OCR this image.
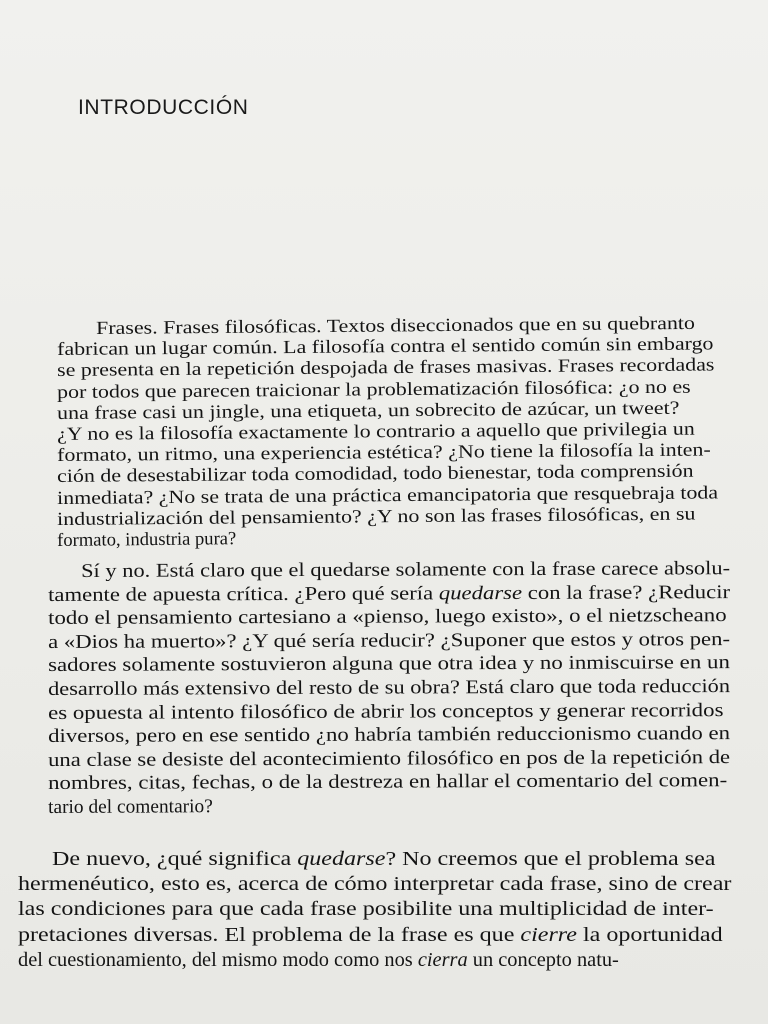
INTRODUCCIÓN
Frases. Frases filosóficas. Textos diseccionados que en su quebranto
fabrican un lugar común. La filosofía contra el sentido común sin embargo
se presenta en la repetición despojada de frases masivas. Frases recordadas
por todos que parecen traicionar la problematización filosófica: ¿o no es
una frase casi un jingle, una etiqueta, un sobrecito de azúcar, un tweet?
¿Y no es la filosofía exactamente lo contrario a aquello que privilegia un
formato, un ritmo, una experiencia estética? ¿No tiene la filosofía la inten-
ción de desestabilizar toda comodidad, todo bienestar, toda comprensión
inmediata? ¿No se trata de una práctica emancipatoria que resquebraja toda
industrialización del pensamiento? ¿Y no son las frases filosóficas, en su
formato, industria pura?
Sí y no. Está claro que el quedarse solamente con la frase carece absolu-
tamente de apuesta crítica. ¿Pero qué sería quedarse con la frase? ¿Reducir
todo el pensamiento cartesiano a «pienso, luego existo», o el nietzscheano
a «Dios ha muerto»? ¿Y qué sería reducir? ¿Suponer que estos y otros pen-
sadores solamente sostuvieron alguna que otra idea y no inmiscuirse en un
desarrollo más extensivo del resto de su obra? Está claro que toda reducción
es opuesta al intento filosófico de abrir los conceptos y generar recorridos
diversos, pero en ese sentido ¿no habría también reduccionismo cuando en
una clase se desiste del acontecimiento filosófico en pos de la repetición de
nombres, citas, fechas, o de la destreza en hallar el comentario del comen-
tario del comentario?
De nuevo, ¿qué significa quedarse? No creemos que el problema sea
hermenéutico, esto es, acerca de cómo interpretar cada frase, sino de crear
las condiciones para que cada frase posibilite una multiplicidad de inter-
pretaciones diversas. El problema de la frase es que cierre la oportunidad
del cuestionamiento, del mismo modo como nos cierra un concepto natu-
